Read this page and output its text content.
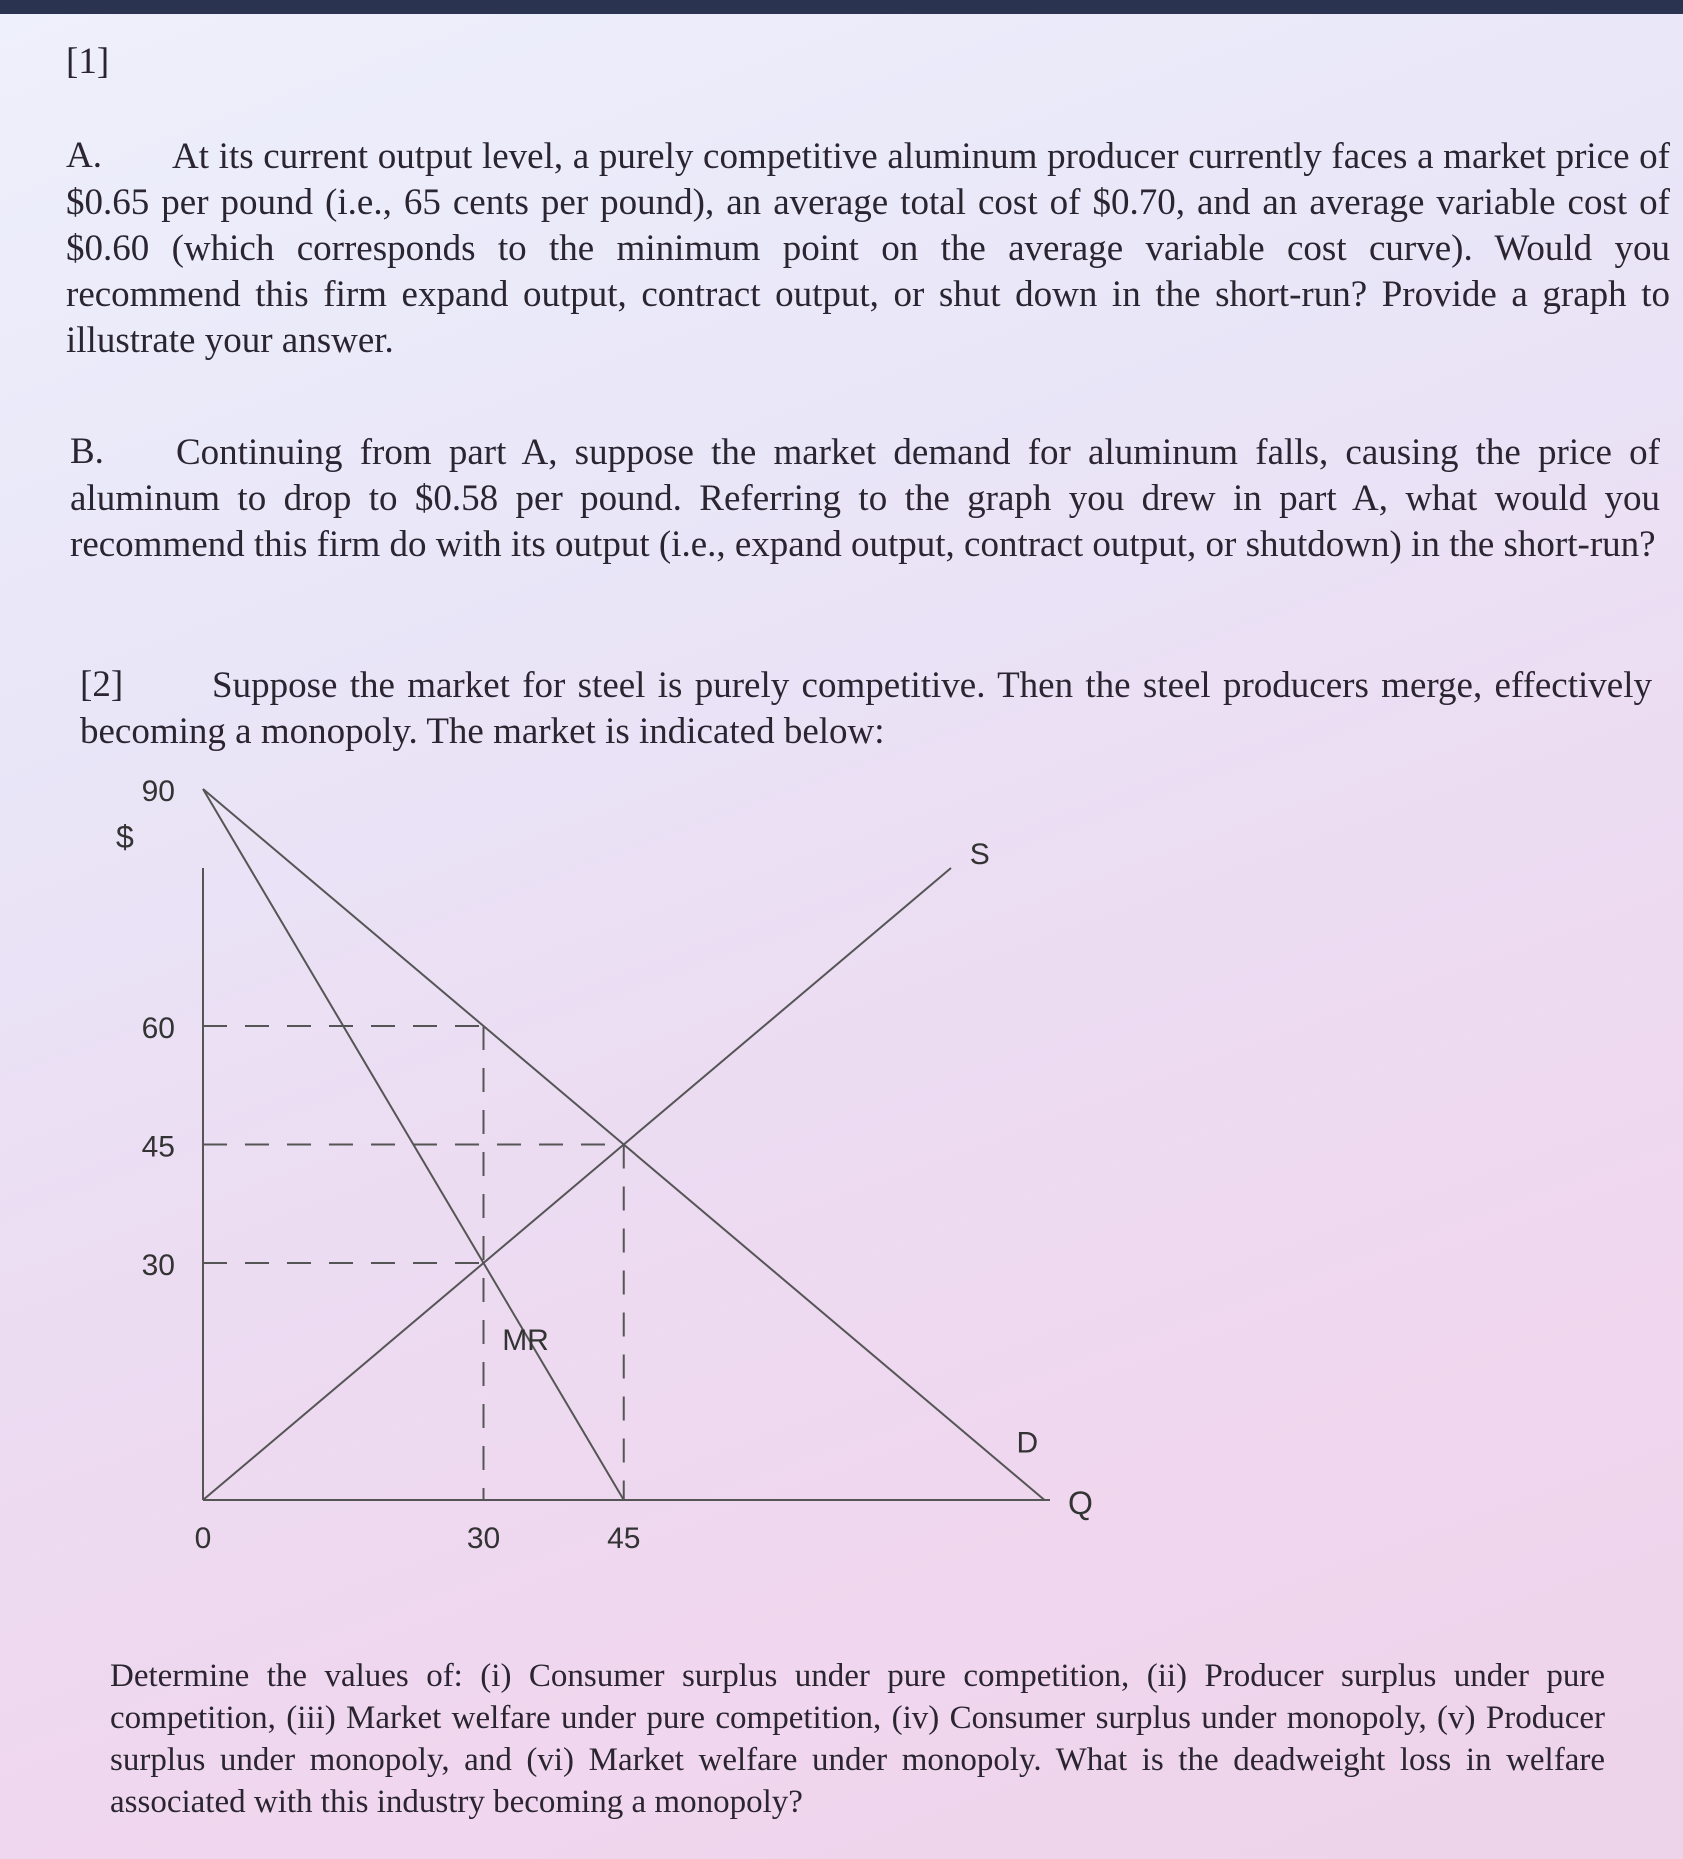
[1]
A.	At its current output level, a purely competitive aluminum producer currently faces a market price of $0.65 per pound (i.e., 65 cents per pound), an average total cost of $0.70, and an average variable cost of $0.60 (which corresponds to the minimum point on the average variable cost curve). Would you recommend this firm expand output, contract output, or shut down in the short-run? Provide a graph to illustrate your answer.

B.	Continuing from part A, suppose the market demand for aluminum falls, causing the price of aluminum to drop to $0.58 per pound. Referring to the graph you drew in part A, what would you recommend this firm do with its output (i.e., expand output, contract output, or shutdown) in the short-run?

[2]	Suppose the market for steel is purely competitive. Then the steel producers merge, effectively becoming a monopoly. The market is indicated below:

90
60
45
30
0	30	45
$
Q
D
MR
S

Determine the values of: (i) Consumer surplus under pure competition, (ii) Producer surplus under pure competition, (iii) Market welfare under pure competition, (iv) Consumer surplus under monopoly, (v) Producer surplus under monopoly, and (vi) Market welfare under monopoly. What is the deadweight loss in welfare associated with this industry becoming a monopoly?
